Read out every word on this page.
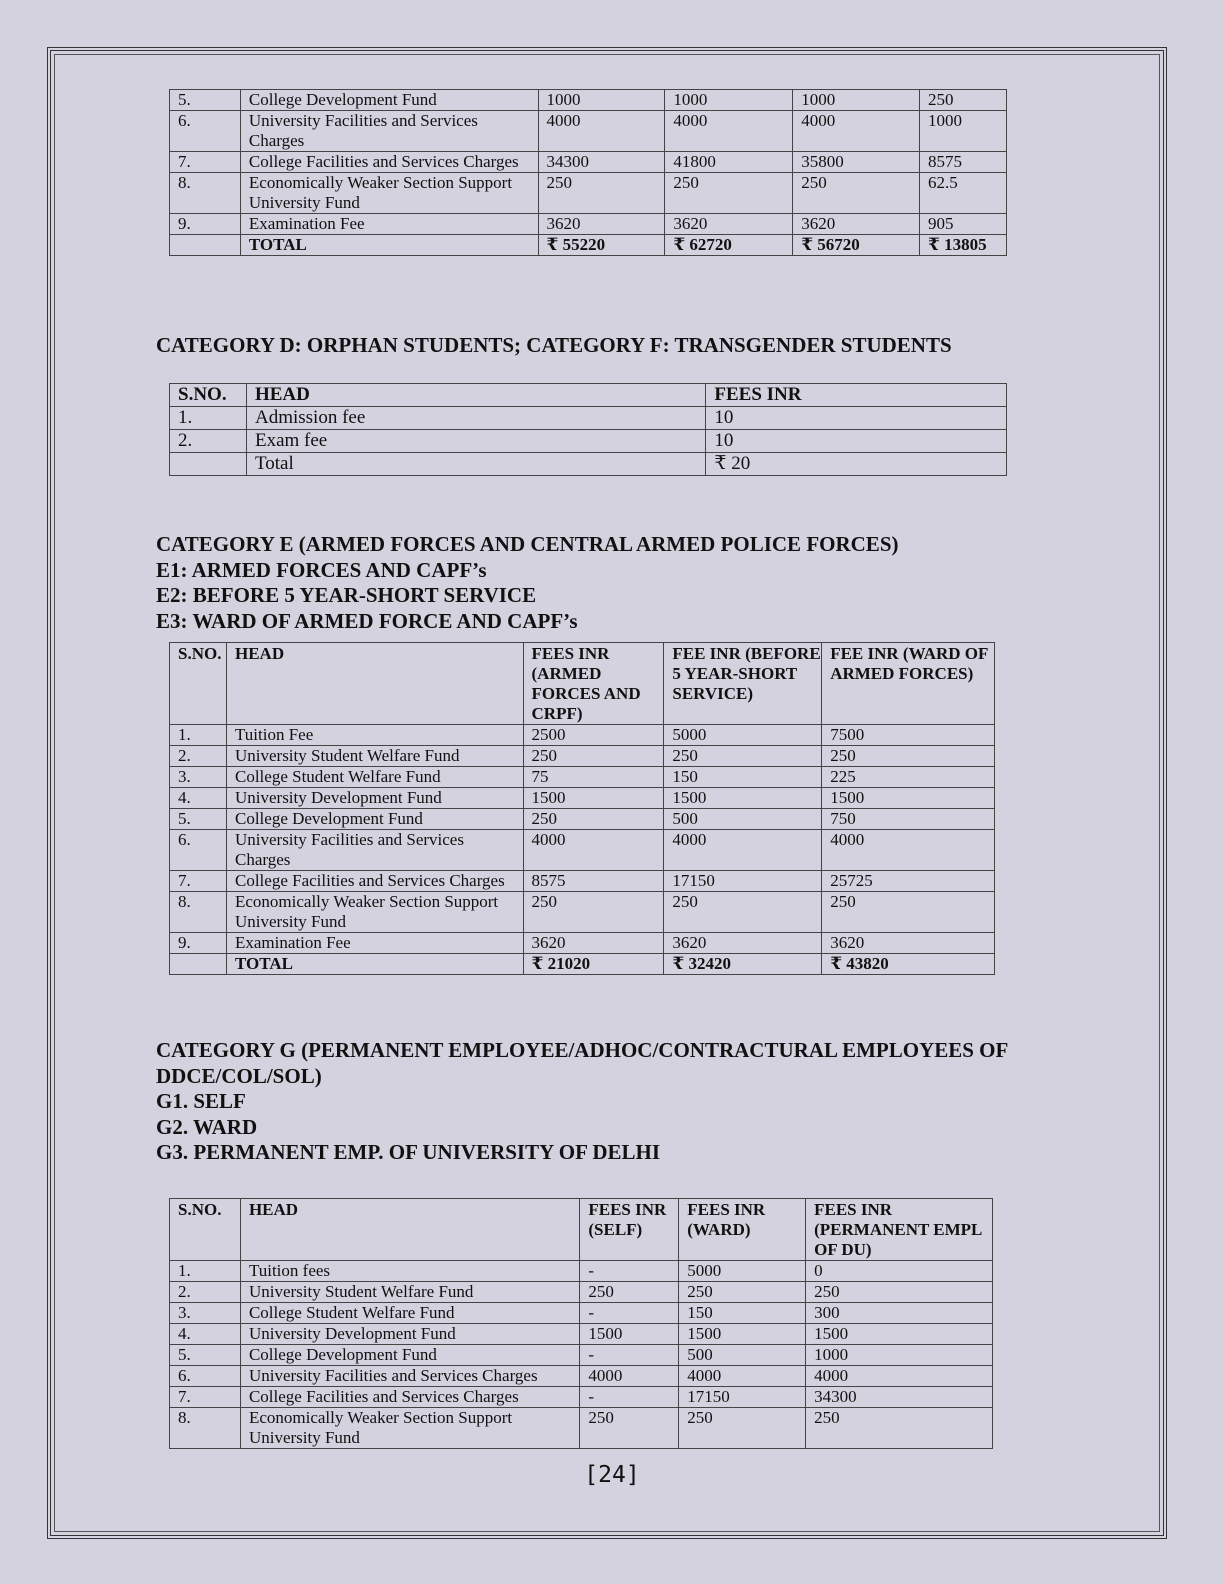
5.	College Development Fund	1000	1000	1000	250
6.	University Facilities and Services Charges	4000	4000	4000	1000
7.	College Facilities and Services Charges	34300	41800	35800	8575
8.	Economically Weaker Section Support University Fund	250	250	250	62.5
9.	Examination Fee	3620	3620	3620	905
	TOTAL	₹ 55220	₹ 62720	₹ 56720	₹ 13805
CATEGORY D: ORPHAN STUDENTS; CATEGORY F: TRANSGENDER STUDENTS
S.NO.	HEAD	FEES INR
1.	Admission fee	10
2.	Exam fee	10
	Total	₹ 20
CATEGORY E (ARMED FORCES AND CENTRAL ARMED POLICE FORCES)
E1: ARMED FORCES AND CAPF’s
E2: BEFORE 5 YEAR-SHORT SERVICE
E3: WARD OF ARMED FORCE AND CAPF’s
S.NO.	HEAD	FEES INR (ARMED FORCES AND CRPF)	FEE INR (BEFORE 5 YEAR-SHORT SERVICE)	FEE INR (WARD OF ARMED FORCES)
1.	Tuition Fee	2500	5000	7500
2.	University Student Welfare Fund	250	250	250
3.	College Student Welfare Fund	75	150	225
4.	University Development Fund	1500	1500	1500
5.	College Development Fund	250	500	750
6.	University Facilities and Services Charges	4000	4000	4000
7.	College Facilities and Services Charges	8575	17150	25725
8.	Economically Weaker Section Support University Fund	250	250	250
9.	Examination Fee	3620	3620	3620
	TOTAL	₹ 21020	₹ 32420	₹ 43820
CATEGORY G (PERMANENT EMPLOYEE/ADHOC/CONTRACTURAL EMPLOYEES OF
DDCE/COL/SOL)
G1. SELF
G2. WARD
G3. PERMANENT EMP. OF UNIVERSITY OF DELHI
S.NO.	HEAD	FEES INR (SELF)	FEES INR (WARD)	FEES INR (PERMANENT EMPL OF DU)
1.	Tuition fees	-	5000	0
2.	University Student Welfare Fund	250	250	250
3.	College Student Welfare Fund	-	150	300
4.	University Development Fund	1500	1500	1500
5.	College Development Fund	-	500	1000
6.	University Facilities and Services Charges	4000	4000	4000
7.	College Facilities and Services Charges	-	17150	34300
8.	Economically Weaker Section Support University Fund	250	250	250
[24]
